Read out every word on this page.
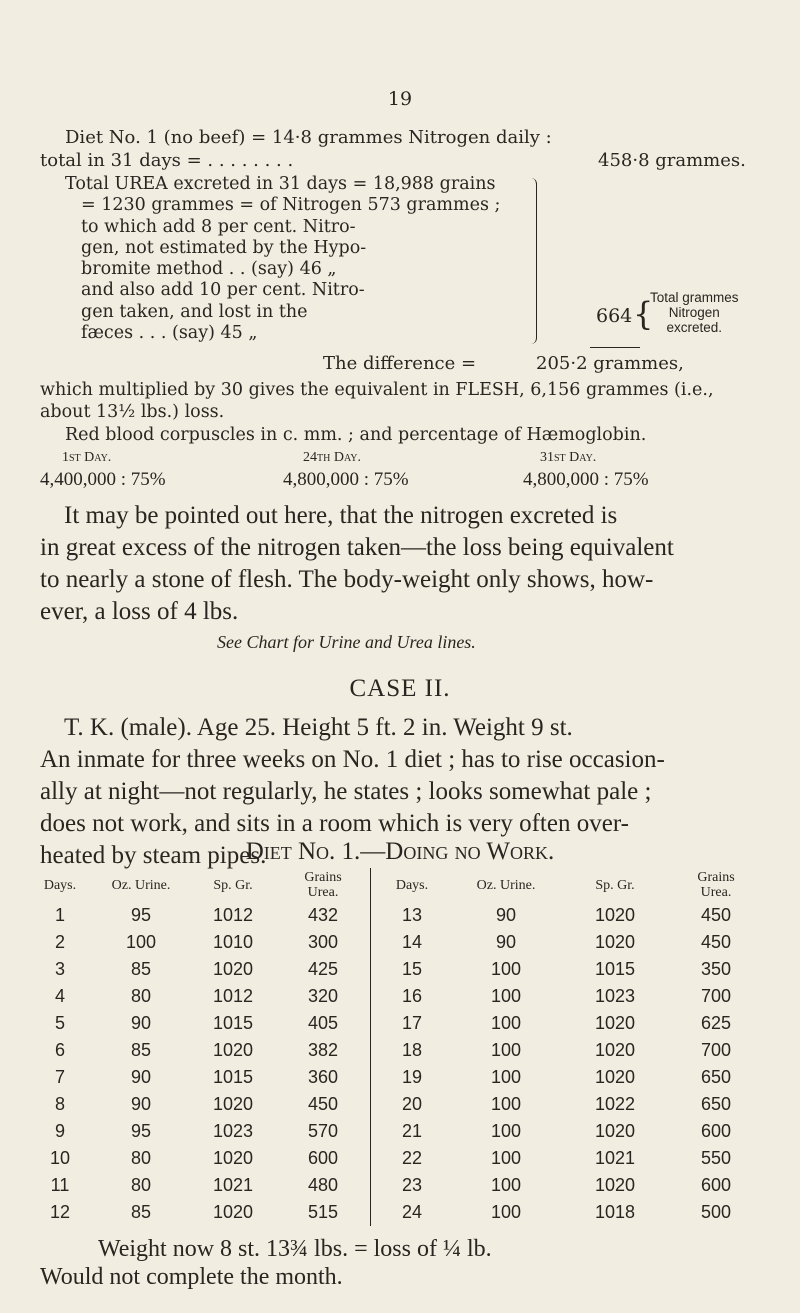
19
Diet No. 1 (no beef) = 14·8 grammes Nitrogen daily :
total in 31 days = . . . . . . . .	458·8 grammes.
Total UREA excreted in 31 days = 18,988 grains
= 1230 grammes = of Nitrogen 573 grammes ;
to which add 8 per cent. Nitro-
gen, not estimated by the Hypo-
bromite method . . (say) 46 „
and also add 10 per cent. Nitro-
gen taken, and lost in the
fæces . . . (say) 45 „
664 {
Total grammes
Nitrogen
excreted.
The difference =	205·2 grammes,
which multiplied by 30 gives the equivalent in FLESH, 6,156 grammes (i.e.,
about 13½ lbs.) loss.
Red blood corpuscles in c. mm. ; and percentage of Hæmoglobin.
1st Day.	24th Day.	31st Day.
4,400,000 : 75%	4,800,000 : 75%	4,800,000 : 75%
It may be pointed out here, that the nitrogen excreted is
in great excess of the nitrogen taken—the loss being equivalent
to nearly a stone of flesh. The body-weight only shows, how-
ever, a loss of 4 lbs.
See Chart for Urine and Urea lines.
CASE II.
T. K. (male). Age 25. Height 5 ft. 2 in. Weight 9 st.
An inmate for three weeks on No. 1 diet ; has to rise occasion-
ally at night—not regularly, he states ; looks somewhat pale ;
does not work, and sits in a room which is very often over-
heated by steam pipes.
Diet No. 1.—Doing no Work.
Days.	Oz. Urine.	Sp. Gr.	Grains Urea.	Days.	Oz. Urine.	Sp. Gr.	Grains Urea.
1	95	1012	432	13	90	1020	450
2	100	1010	300	14	90	1020	450
3	85	1020	425	15	100	1015	350
4	80	1012	320	16	100	1023	700
5	90	1015	405	17	100	1020	625
6	85	1020	382	18	100	1020	700
7	90	1015	360	19	100	1020	650
8	90	1020	450	20	100	1022	650
9	95	1023	570	21	100	1020	600
10	80	1020	600	22	100	1021	550
11	80	1021	480	23	100	1020	600
12	85	1020	515	24	100	1018	500
Weight now 8 st. 13¾ lbs. = loss of ¼ lb.
Would not complete the month.
